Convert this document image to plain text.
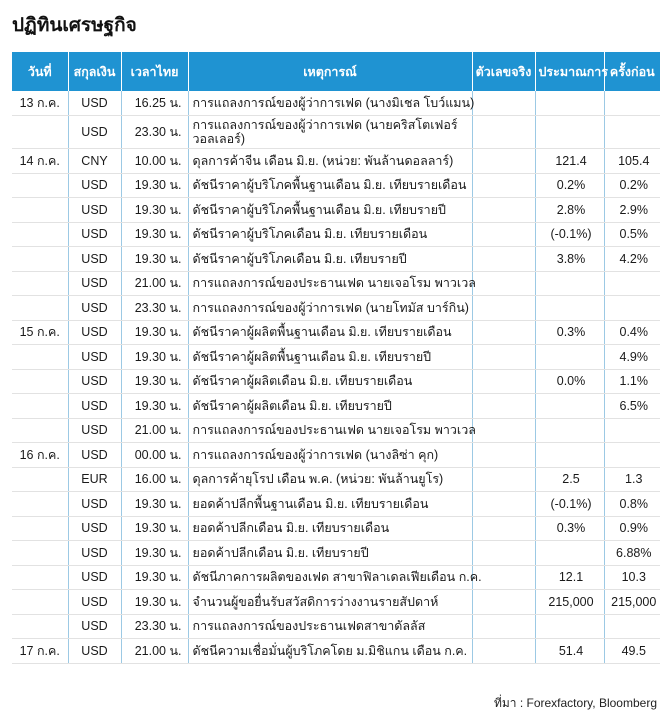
ปฏิทินเศรษฐกิจ
วันที่	สกุลเงิน	เวลาไทย	เหตุการณ์	ตัวเลขจริง	ประมาณการ	ครั้งก่อน
13 ก.ค.	USD	16.25 น.	การแถลงการณ์ของผู้ว่าการเฟด (นางมิเชล โบว์แมน)			
	USD	23.30 น.	การแถลงการณ์ของผู้ว่าการเฟด (นายคริสโตเฟอร์ วอลเลอร์)			
14 ก.ค.	CNY	10.00 น.	ดุลการค้าจีน เดือน มิ.ย. (หน่วย: พันล้านดอลลาร์)		121.4	105.4
	USD	19.30 น.	ดัชนีราคาผู้บริโภคพื้นฐานเดือน มิ.ย. เทียบรายเดือน		0.2%	0.2%
	USD	19.30 น.	ดัชนีราคาผู้บริโภคพื้นฐานเดือน มิ.ย. เทียบรายปี		2.8%	2.9%
	USD	19.30 น.	ดัชนีราคาผู้บริโภคเดือน มิ.ย. เทียบรายเดือน		(-0.1%)	0.5%
	USD	19.30 น.	ดัชนีราคาผู้บริโภคเดือน มิ.ย. เทียบรายปี		3.8%	4.2%
	USD	21.00 น.	การแถลงการณ์ของประธานเฟด นายเจอโรม พาวเวล			
	USD	23.30 น.	การแถลงการณ์ของผู้ว่าการเฟด (นายโทมัส บาร์กิน)			
15 ก.ค.	USD	19.30 น.	ดัชนีราคาผู้ผลิตพื้นฐานเดือน มิ.ย. เทียบรายเดือน		0.3%	0.4%
	USD	19.30 น.	ดัชนีราคาผู้ผลิตพื้นฐานเดือน มิ.ย. เทียบรายปี			4.9%
	USD	19.30 น.	ดัชนีราคาผู้ผลิตเดือน มิ.ย. เทียบรายเดือน		0.0%	1.1%
	USD	19.30 น.	ดัชนีราคาผู้ผลิตเดือน มิ.ย. เทียบรายปี			6.5%
	USD	21.00 น.	การแถลงการณ์ของประธานเฟด นายเจอโรม พาวเวล			
16 ก.ค.	USD	00.00 น.	การแถลงการณ์ของผู้ว่าการเฟด (นางลิซ่า คุก)			
	EUR	16.00 น.	ดุลการค้ายุโรป เดือน พ.ค. (หน่วย: พันล้านยูโร)		2.5	1.3
	USD	19.30 น.	ยอดค้าปลีกพื้นฐานเดือน มิ.ย. เทียบรายเดือน		(-0.1%)	0.8%
	USD	19.30 น.	ยอดค้าปลีกเดือน มิ.ย. เทียบรายเดือน		0.3%	0.9%
	USD	19.30 น.	ยอดค้าปลีกเดือน มิ.ย. เทียบรายปี			6.88%
	USD	19.30 น.	ดัชนีภาคการผลิตของเฟด สาขาฟิลาเดลเฟียเดือน ก.ค.		12.1	10.3
	USD	19.30 น.	จำนวนผู้ขอยื่นรับสวัสดิการว่างงานรายสัปดาห์		215,000	215,000
	USD	23.30 น.	การแถลงการณ์ของประธานเฟดสาขาดัลลัส			
17 ก.ค.	USD	21.00 น.	ดัชนีความเชื่อมั่นผู้บริโภคโดย ม.มิชิแกน เดือน ก.ค.		51.4	49.5
ที่มา : Forexfactory, Bloomberg
